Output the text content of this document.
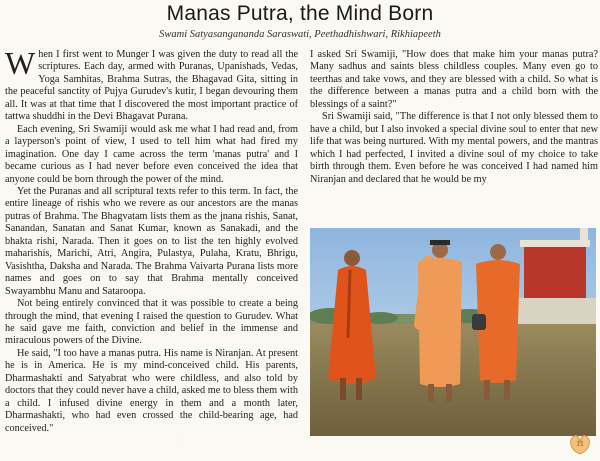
Manas Putra, the Mind Born
Swami Satyasangananda Saraswati, Peethadhishwari, Rikhiapeeth

When I first went to Munger I was given the duty to read all the scriptures. Each day, armed with Puranas, Upanishads, Vedas, Yoga Samhitas, Brahma Sutras, the Bhagavad Gita, sitting in the peaceful sanctity of Pujya Gurudev's kutir, I began devouring them all. It was at that time that I discovered the most important practice of tattwa shuddhi in the Devi Bhagavat Purana.

Each evening, Sri Swamiji would ask me what I had read and, from a layperson's point of view, I used to tell him what had fired my imagination. One day I came across the term 'manas putra' and I became curious as I had never before even conceived the idea that anyone could be born through the power of the mind.

Yet the Puranas and all scriptural texts refer to this term. In fact, the entire lineage of rishis who we revere as our ancestors are the manas putras of Brahma. The Bhagvatam lists them as the jnana rishis, Sanat, Sanandan, Sanatan and Sanat Kumar, known as Sanakadi, and the bhakta rishi, Narada. Then it goes on to list the ten highly evolved maharishis, Marichi, Atri, Angira, Pulastya, Pulaha, Kratu, Bhrigu, Vasishtha, Daksha and Narada. The Brahma Vaivarta Purana lists more names and goes on to say that Brahma mentally conceived Swayambhu Manu and Sataroopa.

Not being entirely convinced that it was possible to create a being through the mind, that evening I raised the question to Gurudev. What he said gave me faith, conviction and belief in the immense and miraculous powers of the Divine.

He said, "I too have a manas putra. His name is Niranjan. At present he is in America. He is my mind-conceived child. His parents, Dharmashakti and Satyabrat who were childless, and also told by doctors that they could never have a child, asked me to bless them with a child. I infused divine energy in them and a month later, Dharmashakti, who had even crossed the child-bearing age, had conceived."

I asked Sri Swamiji, "How does that make him your manas putra? Many sadhus and saints bless childless couples. Many even go to teerthas and take vows, and they are blessed with a child. So what is the difference between a manas putra and a child born with the blessings of a saint?"

Sri Swamiji said, "The difference is that I not only blessed them to have a child, but I also invoked a special divine soul to enter that new life that was being nurtured. With my mental powers, and the mantras which I had perfected, I invited a divine soul of my choice to take birth through them. Even before he was conceived I had named him Niranjan and declared that he would be my

·	11
